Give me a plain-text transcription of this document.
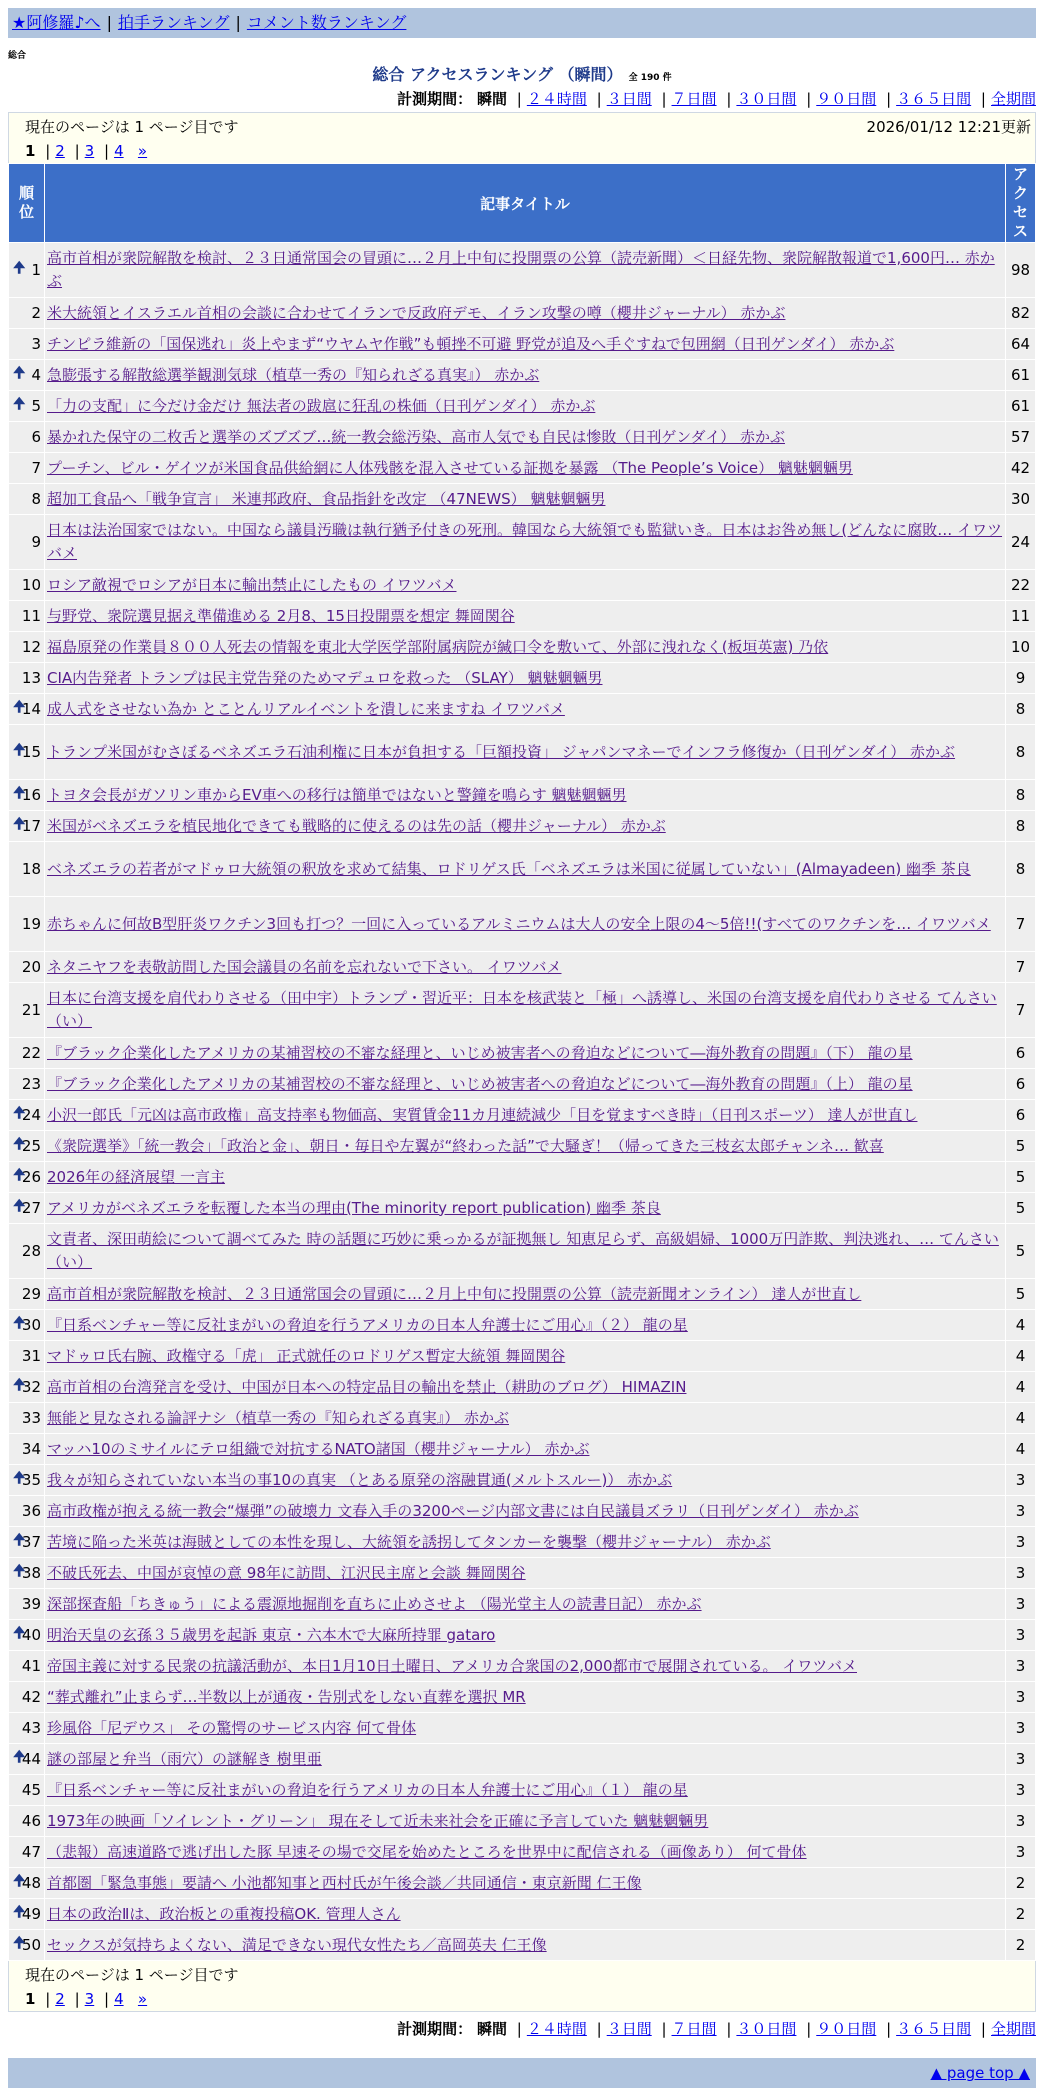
★阿修羅♪へ | 拍手ランキング | コメント数ランキング
総合
総合 アクセスランキング （瞬間） 全 190 件
計測期間： 瞬間 | ２４時間 | ３日間 | ７日間 | ３０日間 | ９０日間 | ３６５日間 | 全期間
現在のページは 1 ページ目です	2026/01/12 12:21更新
1 | 2 | 3 | 4 »
順位	記事タイトル	アクセス

🠉 1	高市首相が衆院解散を検討、２３日通常国会の冒頭に…２月上中旬に投開票の公算（読売新聞）＜日経先物、衆院解散報道で1,600円… 赤かぶ	98
2	米大統領とイスラエル首相の会談に合わせてイランで反政府デモ、イラン攻撃の噂（櫻井ジャーナル） 赤かぶ	82
3	チンピラ維新の「国保逃れ」炎上やまず“ウヤムヤ作戦”も頓挫不可避 野党が追及へ手ぐすねで包囲網（日刊ゲンダイ） 赤かぶ	64

🠉 4	急膨張する解散総選挙観測気球（植草一秀の『知られざる真実』） 赤かぶ	61

🠉 5	「力の支配」に今だけ金だけ 無法者の跋扈に狂乱の株価（日刊ゲンダイ） 赤かぶ	61
6	暴かれた保守の二枚舌と選挙のズブズブ…統一教会総汚染、高市人気でも自民は惨敗（日刊ゲンダイ） 赤かぶ	57
7	プーチン、ビル・ゲイツが米国食品供給網に人体残骸を混入させている証拠を暴露 （The People’s Voice） 魑魅魍魎男	42
8	超加工食品へ「戦争宣言」 米連邦政府、食品指針を改定 （47NEWS） 魑魅魍魎男	30
9	日本は法治国家ではない。中国なら議員汚職は執行猶予付きの死刑。韓国なら大統領でも監獄いき。日本はお咎め無し(どんなに腐敗… イワツバメ	24
10	ロシア敵視でロシアが日本に輸出禁止にしたもの イワツバメ	22
11	与野党、衆院選見据え準備進める 2月8、15日投開票を想定 舞岡関谷	11
12	福島原発の作業員８００人死去の情報を東北大学医学部附属病院が緘口令を敷いて、外部に洩れなく(板垣英憲) 乃依	10
13	CIA内告発者 トランプは民主党告発のためマデュロを救った （SLAY） 魑魅魍魎男	9

🠉
14	成人式をさせない為か とことんリアルイベントを潰しに来ますね イワツバメ	8

🠉
15	トランプ米国がむさぼるベネズエラ石油利権に日本が負担する「巨額投資」 ジャパンマネーでインフラ修復か（日刊ゲンダイ） 赤かぶ	8

🠉
16	トヨタ会長がガソリン車からEV車への移行は簡単ではないと警鐘を鳴らす 魑魅魍魎男	8

🠉
17	米国がベネズエラを植民地化できても戦略的に使えるのは先の話（櫻井ジャーナル） 赤かぶ	8
18	ベネズエラの若者がマドゥロ大統領の釈放を求めて結集、ロドリゲス氏「ベネズエラは米国に従属していない」(Almayadeen) 幽季 茶良	8
19	赤ちゃんに何故B型肝炎ワクチン3回も打つ？一回に入っているアルミニウムは大人の安全上限の4～5倍!!(すべてのワクチンを… イワツバメ	7
20	ネタニヤフを表敬訪問した国会議員の名前を忘れないで下さい。 イワツバメ	7
21	日本に台湾支援を肩代わりさせる（田中宇）トランプ・習近平：日本を核武装と「極」へ誘導し、米国の台湾支援を肩代わりさせる てんさい（い）	7
22	『ブラック企業化したアメリカの某補習校の不審な経理と、いじめ被害者への脅迫などについて―海外教育の問題』（下） 龍の星	6
23	『ブラック企業化したアメリカの某補習校の不審な経理と、いじめ被害者への脅迫などについて―海外教育の問題』（上） 龍の星	6

🠉
24	小沢一郎氏「元凶は高市政権」高支持率も物価高、実質賃金11カ月連続減少「目を覚ますべき時」（日刊スポーツ） 達人が世直し	6

🠉
25	《衆院選挙》「統一教会」「政治と金」、朝日・毎日や左翼が“終わった話”で大騒ぎ！（帰ってきた三枝玄太郎チャンネ… 歓喜	5

🠉
26	2026年の経済展望 一言主	5

🠉
27	アメリカがベネズエラを転覆した本当の理由(The minority report publication) 幽季 茶良	5
28	文責者、深田萌絵について調べてみた 時の話題に巧妙に乗っかるが証拠無し 知恵足らず、高級娼婦、1000万円詐欺、判決逃れ、… てんさい（い）	5
29	高市首相が衆院解散を検討、２３日通常国会の冒頭に…２月上中旬に投開票の公算（読売新聞オンライン） 達人が世直し	5

🠉
30	『日系ベンチャー等に反社まがいの脅迫を行うアメリカの日本人弁護士にご用心』（２） 龍の星	4
31	マドゥロ氏右腕、政権守る「虎」 正式就任のロドリゲス暫定大統領 舞岡関谷	4

🠉
32	高市首相の台湾発言を受け、中国が日本への特定品目の輸出を禁止（耕助のブログ） HIMAZIN	4
33	無能と見なされる論評ナシ（植草一秀の『知られざる真実』） 赤かぶ	4
34	マッハ10のミサイルにテロ組織で対抗するNATO諸国（櫻井ジャーナル） 赤かぶ	4

🠉
35	我々が知らされていない本当の事10の真実 （とある原発の溶融貫通(メルトスルー)） 赤かぶ	3
36	高市政権が抱える統一教会“爆弾”の破壊力 文春入手の3200ページ内部文書には自民議員ズラリ（日刊ゲンダイ） 赤かぶ	3

🠉
37	苦境に陥った米英は海賊としての本性を現し、大統領を誘拐してタンカーを襲撃（櫻井ジャーナル） 赤かぶ	3

🠉
38	不破氏死去、中国が哀悼の意 98年に訪問、江沢民主席と会談 舞岡関谷	3
39	深部探査船「ちきゅう」による震源地掘削を直ちに止めさせよ （陽光堂主人の読書日記） 赤かぶ	3

🠉
40	明治天皇の玄孫３５歳男を起訴 東京・六本木で大麻所持罪 gataro	3
41	帝国主義に対する民衆の抗議活動が、本日1月10日土曜日、アメリカ合衆国の2,000都市で展開されている。 イワツバメ	3
42	“葬式離れ”止まらず…半数以上が通夜・告別式をしない直葬を選択 MR	3
43	珍風俗「尼デウス」 その驚愕のサービス内容 何て骨体	3

🠉
44	謎の部屋と弁当（雨穴）の謎解き 樹里亜	3
45	『日系ベンチャー等に反社まがいの脅迫を行うアメリカの日本人弁護士にご用心』（１） 龍の星	3
46	1973年の映画「ソイレント・グリーン」 現在そして近未来社会を正確に予言していた 魑魅魍魎男	3
47	（悲報）高速道路で逃げ出した豚 早速その場で交尾を始めたところを世界中に配信される（画像あり） 何て骨体	3

🠉
48	首都圏「緊急事態」要請へ 小池都知事と西村氏が午後会談／共同通信・東京新聞 仁王像	2

🠉
49	日本の政治Ⅱは、政治板との重複投稿OK. 管理人さん	2

🠉
50	セックスが気持ちよくない、満足できない現代女性たち／高岡英夫 仁王像	2
現在のページは 1 ページ目です
1 | 2 | 3 | 4 »
計測期間： 瞬間 | ２４時間 | ３日間 | ７日間 | ３０日間 | ９０日間 | ３６５日間 | 全期間
▲ page top ▲
